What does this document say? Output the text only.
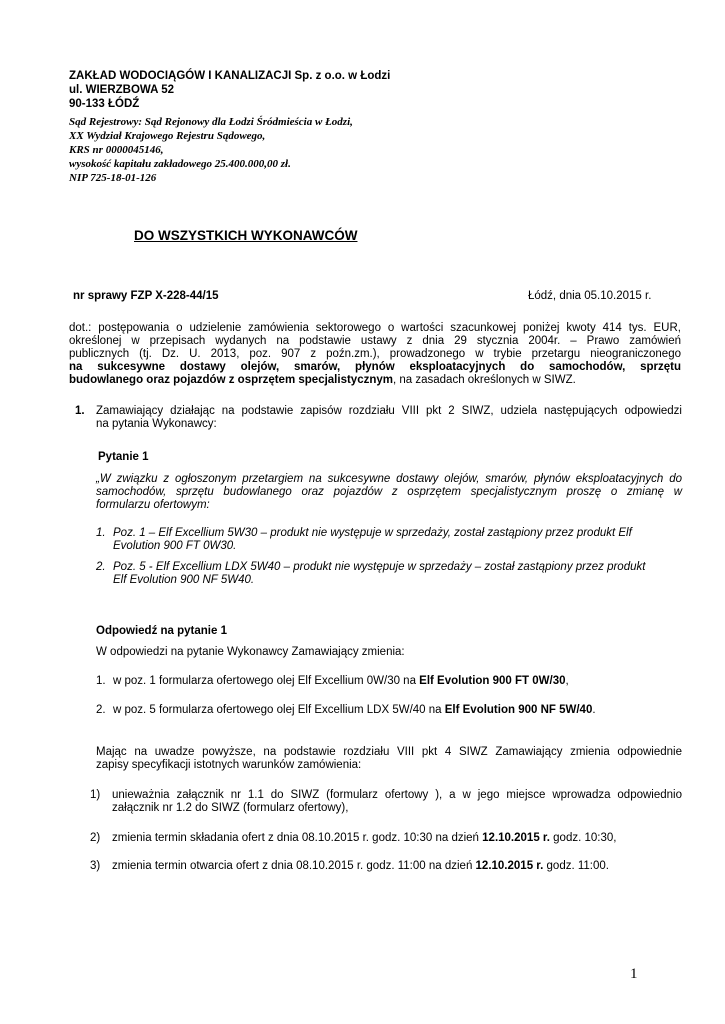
ZAKŁAD WODOCIĄGÓW I KANALIZACJI Sp. z o.o. w Łodzi
ul. WIERZBOWA 52
90-133 ŁÓDŹ
Sąd Rejestrowy: Sąd Rejonowy dla Łodzi Śródmieścia w Łodzi,
XX Wydział Krajowego Rejestru Sądowego,
KRS nr 0000045146,
wysokość kapitału zakładowego 25.400.000,00 zł.
NIP 725-18-01-126
DO WSZYSTKICH WYKONAWCÓW
nr sprawy FZP X-228-44/15	Łódź, dnia 05.10.2015 r.
dot.: postępowania o udzielenie zamówienia sektorowego o wartości szacunkowej poniżej kwoty 414 tys. EUR,
określonej w przepisach wydanych na podstawie ustawy z dnia 29 stycznia 2004r. – Prawo zamówień
publicznych (tj. Dz. U. 2013, poz. 907 z poźn.zm.), prowadzonego w trybie przetargu nieograniczonego
na sukcesywne dostawy olejów, smarów, płynów eksploatacyjnych do samochodów, sprzętu
budowlanego oraz pojazdów z osprzętem specjalistycznym, na zasadach określonych w SIWZ.
1. Zamawiający działając na podstawie zapisów rozdziału VIII pkt 2 SIWZ, udziela następujących odpowiedzi
na pytania Wykonawcy:
Pytanie 1
„W związku z ogłoszonym przetargiem na sukcesywne dostawy olejów, smarów, płynów eksploatacyjnych do
samochodów, sprzętu budowlanego oraz pojazdów z osprzętem specjalistycznym proszę o zmianę w
formularzu ofertowym:
1. Poz. 1 – Elf Excellium 5W30 – produkt nie występuje w sprzedaży, został zastąpiony przez produkt Elf
Evolution 900 FT 0W30.
2. Poz. 5 - Elf Excellium LDX 5W40 – produkt nie występuje w sprzedaży – został zastąpiony przez produkt
Elf Evolution 900 NF 5W40.
Odpowiedź na pytanie 1
W odpowiedzi na pytanie Wykonawcy Zamawiający zmienia:
1. w poz. 1 formularza ofertowego olej Elf Excellium 0W/30 na Elf Evolution 900 FT 0W/30,
2. w poz. 5 formularza ofertowego olej Elf Excellium LDX 5W/40 na Elf Evolution 900 NF 5W/40.
Mając na uwadze powyższe, na podstawie rozdziału VIII pkt 4 SIWZ Zamawiający zmienia odpowiednie
zapisy specyfikacji istotnych warunków zamówienia:
1) unieważnia załącznik nr 1.1 do SIWZ (formularz ofertowy ), a w jego miejsce wprowadza odpowiednio
załącznik nr 1.2 do SIWZ (formularz ofertowy),
2) zmienia termin składania ofert z dnia 08.10.2015 r. godz. 10:30 na dzień 12.10.2015 r. godz. 10:30,
3) zmienia termin otwarcia ofert z dnia 08.10.2015 r. godz. 11:00 na dzień 12.10.2015 r. godz. 11:00.
1
